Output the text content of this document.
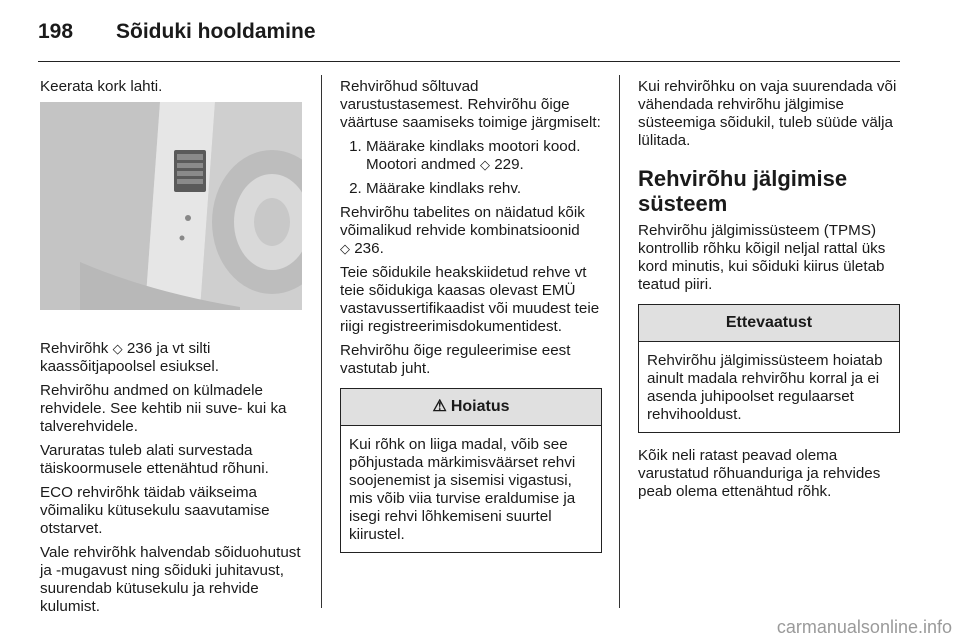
198 Sõiduki hooldamine

Keerata kork lahti.

Rehvirõhk ◇ 236 ja vt silti kaassõitjapoolsel esiuksel.

Rehvirõhu andmed on külmadele rehvidele. See kehtib nii suve- kui ka talverehvidele.

Varuratas tuleb alati survestada täiskoormusele ettenähtud rõhuni.

ECO rehvirõhk täidab väikseima võimaliku kütusekulu saavutamise otstarvet.

Vale rehvirõhk halvendab sõiduohutust ja -mugavust ning sõiduki juhitavust, suurendab kütusekulu ja rehvide kulumist.

Rehvirõhud sõltuvad varustustasemest. Rehvirõhu õige väärtuse saamiseks toimige järgmiselt:

1. Määrake kindlaks mootori kood. Mootori andmed ◇ 229.
2. Määrake kindlaks rehv.

Rehvirõhu tabelites on näidatud kõik võimalikud rehvide kombinatsioonid
◇ 236.

Teie sõidukile heakskiidetud rehve vt teie sõidukiga kaasas olevast EMÜ vastavussertifikaadist või muudest teie riigi registreerimisdokumentidest.

Rehvirõhu õige reguleerimise eest vastutab juht.

⚠ Hoiatus
Kui rõhk on liiga madal, võib see põhjustada märkimisväärset rehvi soojenemist ja sisemisi vigastusi, mis võib viia turvise eraldumise ja isegi rehvi lõhkemiseni suurtel kiirustel.

Kui rehvirõhku on vaja suurendada või vähendada rehvirõhu jälgimise süsteemiga sõidukil, tuleb süüde välja lülitada.

Rehvirõhu jälgimise süsteem

Rehvirõhu jälgimissüsteem (TPMS) kontrollib rõhku kõigil neljal rattal üks kord minutis, kui sõiduki kiirus ületab teatud piiri.

Ettevaatust
Rehvirõhu jälgimissüsteem hoiatab ainult madala rehvirõhu korral ja ei asenda juhipoolset regulaarset rehvihooldust.

Kõik neli ratast peavad olema varustatud rõhuanduriga ja rehvides peab olema ettenähtud rõhk.

carmanualsonline.info
